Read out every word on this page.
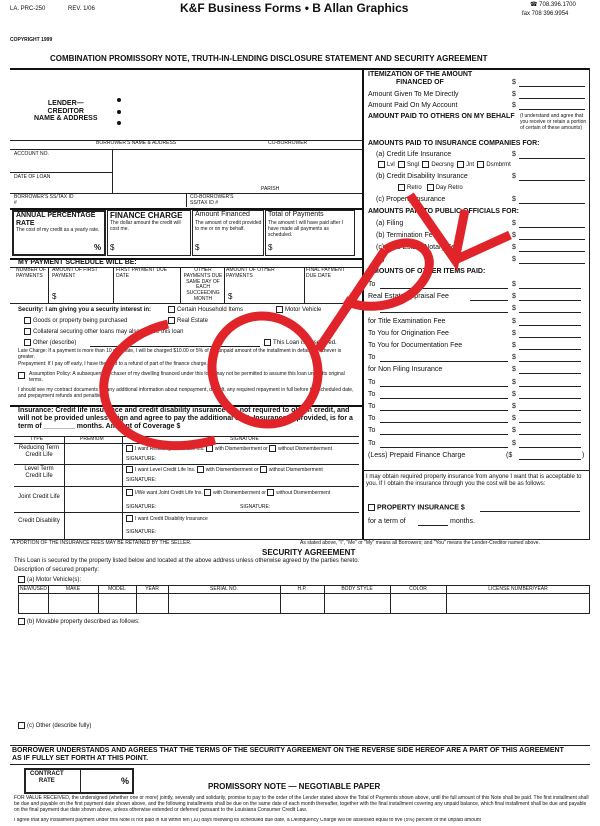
LA. PRC-250	REV. 1/06	K&F Business Forms • B Allan Graphics	☎ 708.396.1700
fax 708 396.9954
COPYRIGHT 1999
COMBINATION PROMISSORY NOTE, TRUTH-IN-LENDING DISCLOSURE STATEMENT AND SECURITY AGREEMENT
LENDER—
CREDITOR
NAME & ADDRESS
BORROWER'S NAME & ADDRESS	CO-BORROWER
ACCOUNT NO.
DATE OF LOAN
PARISH
BORROWER'S SS/TAX ID #
CO-BORROWER'S SS/TAX ID #
ANNUAL PERCENTAGE RATE
The cost of my credit as a yearly rate.
%
FINANCE CHARGE
The dollar amount the credit will cost me.
$
Amount Financed
The amount of credit provided to me or on my behalf.
$
Total of Payments
The amount I will have paid after I have made all payments as scheduled.
$
MY PAYMENT SCHEDULE WILL BE:
NUMBER OF PAYMENTS
AMOUNT OF FIRST PAYMENT
FIRST PAYMENT DUE DATE
OTHER PAYMENTS DUE SAME DAY OF EACH SUCCEEDING MONTH
AMOUNT OF OTHER PAYMENTS
FINAL PAYMENT DUE DATE
$	$
Security: I am giving you a security interest in:	Certain Household Items	Motor Vehicle
Goods or property being purchased	Real Estate
Collateral securing other loans may also secure this loan
Other (describe)	This Loan is unsecured.
Late Charge: If a payment is more than 10 days late, I will be charged $10.00 or 5% of the unpaid amount of the installment in default whichever is greater.
Prepayment: If I pay off early, I have the right to a refund of part of the finance charge.
Assumption Policy: A subsequent purchaser of my dwelling financed under this loan may not be permitted to assume this loan under its original terms.
I should see my contract documents for any additional information about nonpayment, default, any required repayment in full before the scheduled date, and prepayment refunds and penalties.
Insurance: Credit life insurance and credit disability insurance are not required to obtain credit, and will not be provided unless I sign and agree to pay the additional cost. Insurance, if provided, is for a term of ________ months. Amount of Coverage $
TYPE	PREMIUM	SIGNATURE
Reducing Term Credit Life
I want Reducing Credit Life Ins. with Dismemberment or without Dismemberment
SIGNATURE:
Level Term Credit Life
I want Level Credit Life Ins. with Dismemberment or without Dismemberment
SIGNATURE:
Joint Credit Life
I/We want Joint Credit Life Ins. with Dismemberment or without Dismemberment
SIGNATURE:	SIGNATURE:
Credit Disability	I want Credit Disability Insurance
SIGNATURE:
A PORTION OF THE INSURANCE FEES MAY BE RETAINED BY THE SELLER.	As stated above, "I", "Me" or "My" means all Borrowers; and "You" means the Lender-Creditor named above.
ITEMIZATION OF THE AMOUNT
FINANCED OF	$
Amount Given To Me Directly	$
Amount Paid On My Account	$
AMOUNT PAID TO OTHERS ON MY BEHALF (I understand and agree that you receive or retain a portion of certain of these amounts)
AMOUNTS PAID TO INSURANCE COMPANIES FOR:
(a) Credit Life Insurance	$
Lvl Sngl Decrsng Jnt Dsmbrmt
(b) Credit Disability Insurance	$
Retro Day Retro
(c) Property Insurance	$
AMOUNTS PAID TO PUBLIC OFFICIALS FOR:
(a) Filing	$
(b) Termination Fee	$
(c) Real Estate Notary Fee	$
(d)	$
AMOUNTS OF OTHER ITEMS PAID:
To	$
Real Estate Appraisal Fee	$
To	$
for Title Examination Fee	$
To You for Origination Fee	$
To You for Documentation Fee	$
To	$
for Non Filing Insurance	$
To	$
To	$
To	$
To	$
To	$
To	$
(Less) Prepaid Finance Charge	($	)
I may obtain required property insurance from anyone I want that is acceptable to you. If I obtain the insurance through you the cost will be as follows:
PROPERTY INSURANCE $
for a term of	months.
SECURITY AGREEMENT
This Loan is secured by the property listed below and located at the above address unless otherwise agreed by the parties hereto.
Description of secured property:
(a) Motor Vehicle(s):
NEW/USED	MAKE	MODEL	YEAR	SERIAL NO.	H.P.	BODY STYLE	COLOR	LICENSE NUMBER/YEAR
(b) Movable property described as follows:
(c) Other (describe fully)
BORROWER UNDERSTANDS AND AGREES THAT THE TERMS OF THE SECURITY AGREEMENT ON THE REVERSE SIDE HEREOF ARE A PART OF THIS AGREEMENT
AS IF FULLY SET FORTH AT THIS POINT.
CONTRACT
RATE	%
PROMISSORY NOTE — NEGOTIABLE PAPER
FOR VALUE RECEIVED, the undersigned (whether one or more) jointly, severally and solidarily, promise to pay to the order of the Lender stated above the Total of Payments shown above, until the full amount of this Note shall be paid. The first installment shall be due and payable on the first payment date shown above, and the following installments shall be due on the same date of each month thereafter, together with the final installment covering any unpaid balance, which final installment shall be due and payable on the final payment due date shown above, unless otherwise extended or deferred pursuant to the Louisiana Consumer Credit Law.
I agree that any installment payment under this Note is not paid in full within ten (10) days following its scheduled due date, a Delinquency Charge will be assessed equal to five (5%) percent of the unpaid amount
